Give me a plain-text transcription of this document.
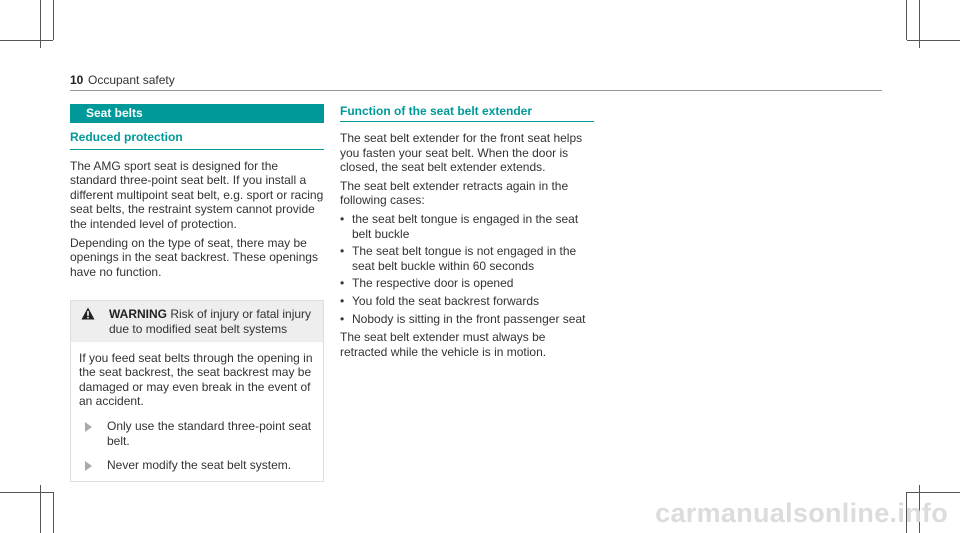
10 Occupant safety
Seat belts
Reduced protection

The AMG sport seat is designed for the standard three-point seat belt. If you install a different multipoint seat belt, e.g. sport or racing seat belts, the restraint system cannot provide the intended level of protection.

Depending on the type of seat, there may be openings in the seat backrest. These openings have no function.

WARNING Risk of injury or fatal injury due to modified seat belt systems

If you feed seat belts through the opening in the seat backrest, the seat backrest may be damaged or may even break in the event of an accident.

Only use the standard three-point seat belt.
Never modify the seat belt system.
Function of the seat belt extender

The seat belt extender for the front seat helps you fasten your seat belt. When the door is closed, the seat belt extender extends.

The seat belt extender retracts again in the following cases:

• the seat belt tongue is engaged in the seat belt buckle
• The seat belt tongue is not engaged in the seat belt buckle within 60 seconds
• The respective door is opened
• You fold the seat backrest forwards
• Nobody is sitting in the front passenger seat

The seat belt extender must always be retracted while the vehicle is in motion.

carmanualsonline.info
